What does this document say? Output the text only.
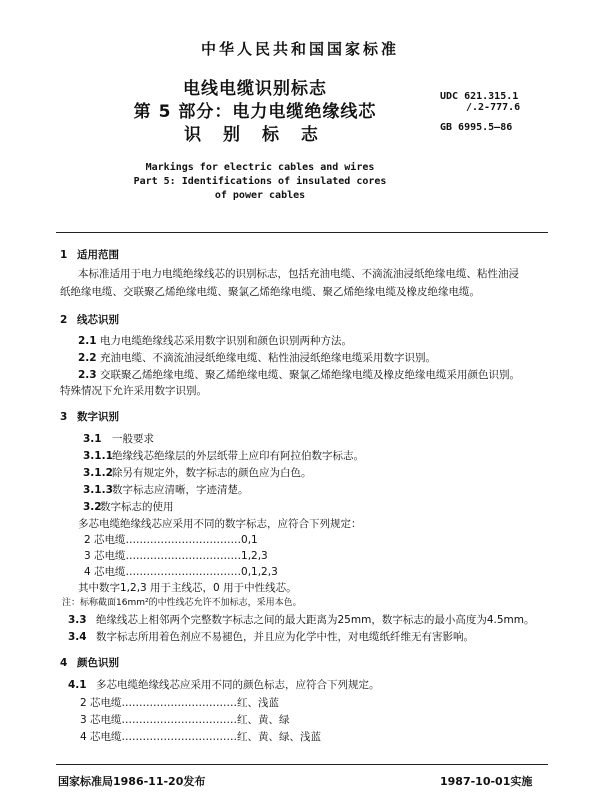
中华人民共和国国家标准
电线电缆识别标志
第 5 部分：电力电缆绝缘线芯
识 别 标 志
UDC 621.315.1
/.2-777.6
GB 6995.5—86
Markings for electric cables and wires
Part 5: Identifications of insulated cores
of power cables
1 适用范围
本标准适用于电力电缆绝缘线芯的识别标志，包括充油电缆、不滴流油浸纸绝缘电缆、粘性油浸
纸绝缘电缆、交联聚乙烯绝缘电缆、聚氯乙烯绝缘电缆、聚乙烯绝缘电缆及橡皮绝缘电缆。
2 线芯识别
2.1 电力电缆绝缘线芯采用数字识别和颜色识别两种方法。
2.2 充油电缆、不滴流油浸纸绝缘电缆、粘性油浸纸绝缘电缆采用数字识别。
2.3 交联聚乙烯绝缘电缆、聚乙烯绝缘电缆、聚氯乙烯绝缘电缆及橡皮绝缘电缆采用颜色识别。
特殊情况下允许采用数字识别。
3 数字识别
3.1 一般要求
3.1.1 绝缘线芯绝缘层的外层纸带上应印有阿拉伯数字标志。
3.1.2 除另有规定外，数字标志的颜色应为白色。
3.1.3 数字标志应清晰，字迹清楚。
3.2
数字标志的使用
多芯电缆绝缘线芯应采用不同的数字标志，应符合下列规定：
2 芯电缆……………………………0,1
3 芯电缆……………………………1,2,3
4 芯电缆……………………………0,1,2,3
其中数字1,2,3 用于主线芯，0 用于中性线芯。
注：标称截面16mm²的中性线芯允许不加标志，采用本色。
3.3 绝缘线芯上相邻两个完整数字标志之间的最大距离为25mm，数字标志的最小高度为4.5mm。
3.4 数字标志所用着色剂应不易褪色，并且应为化学中性，对电缆纸纤维无有害影响。
4 颜色识别
4.1 多芯电缆绝缘线芯应采用不同的颜色标志，应符合下列规定。
2 芯电缆……………………………红、浅蓝
3 芯电缆……………………………红、黄、绿
4 芯电缆……………………………红、黄、绿、浅蓝
国家标准局1986-11-20发布	1987-10-01实施
